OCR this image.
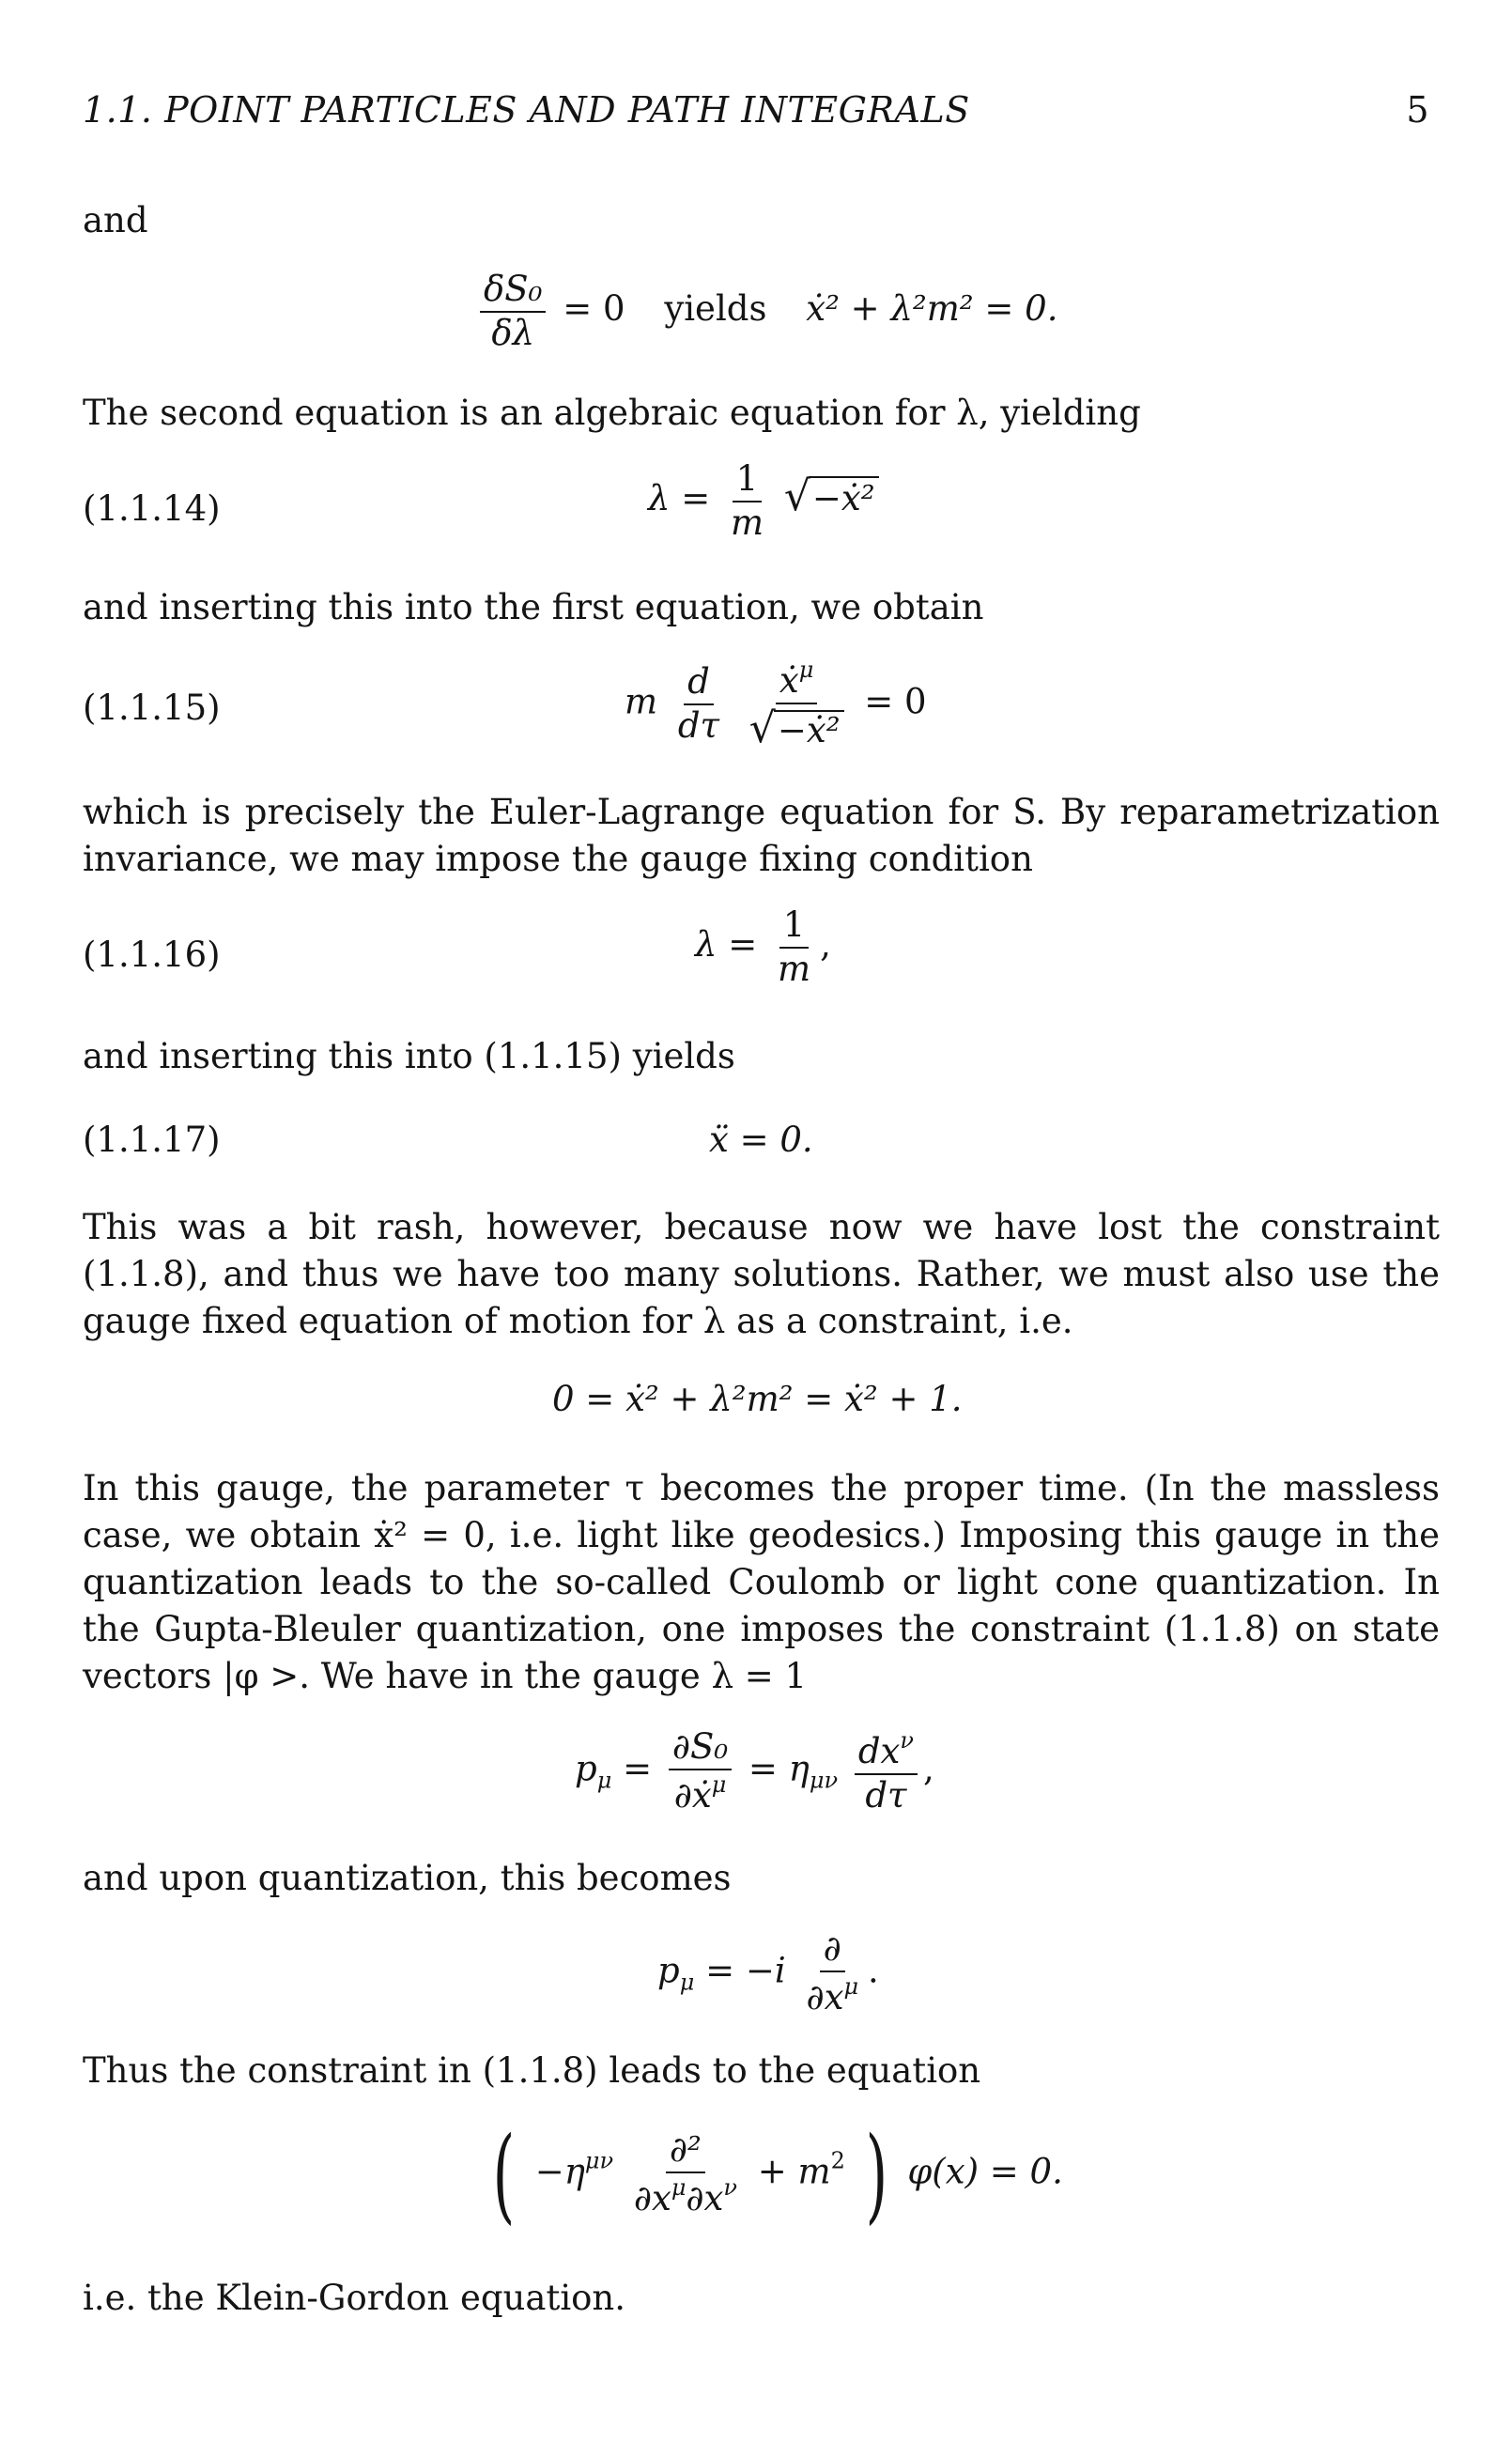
1.1. POINT PARTICLES AND PATH INTEGRALS	5
and
$\frac{\text{δS₀}}{\delta\lambda} = 0$ yields ẋ² + λ²m² = 0.
The second equation is an algebraic equation for λ, yielding
(1.1.14)	$\lambda = \frac{1}{m}$ √−ẋ²
and inserting this into the first equation, we obtain
(1.1.15)	m $\frac{d}{d\tau}$
$\frac{ẋ^\mu}{\text{√−ẋ²}} = 0$
which is precisely the Euler-Lagrange equation for S. By reparametrization invariance, we may impose the gauge fixing condition
(1.1.16)	$\lambda = \frac{1}{m}$ ,
and inserting this into (1.1.15) yields
(1.1.17)	ẍ = 0.
This was a bit rash, however, because now we have lost the constraint (1.1.8), and thus we have too many solutions. Rather, we must also use the gauge fixed equation of motion for λ as a constraint, i.e.
0 = ẋ² + λ²m² = ẋ² + 1.
In this gauge, the parameter τ becomes the proper time. (In the massless case, we obtain ẋ² = 0, i.e. light like geodesics.) Imposing this gauge in the quantization leads to the so-called Coulomb or light cone quantization. In the Gupta-Bleuler quantization, one imposes the constraint (1.1.8) on state vectors |φ >. We have in the gauge λ = 1
$p_\mu = \frac{\text{∂S₀}}{\partial ẋ^\mu} = \eta_{\mu\nu} \frac{dx^\nu}{d\tau}$ ,
and upon quantization, this becomes
$p_\mu = -i \frac{\partial}{\partial x^\mu}$ .
Thus the constraint in (1.1.8) leads to the equation
( $-\eta^{\mu\nu} \frac{\text{∂²}}{\partial x^\mu\partial x^\nu} + m^2$ ) φ(x) = 0.
i.e. the Klein-Gordon equation.
